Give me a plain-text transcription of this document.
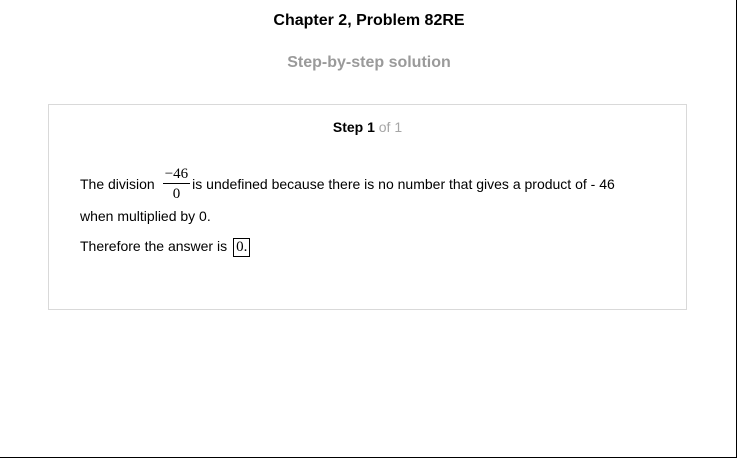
Chapter 2, Problem 82RE
Step-by-step solution
Step 1 of 1
The division $\frac{-46}{0}$ is undefined because there is no number that gives a product of - 46
when multiplied by 0.
Therefore the answer is 0.
